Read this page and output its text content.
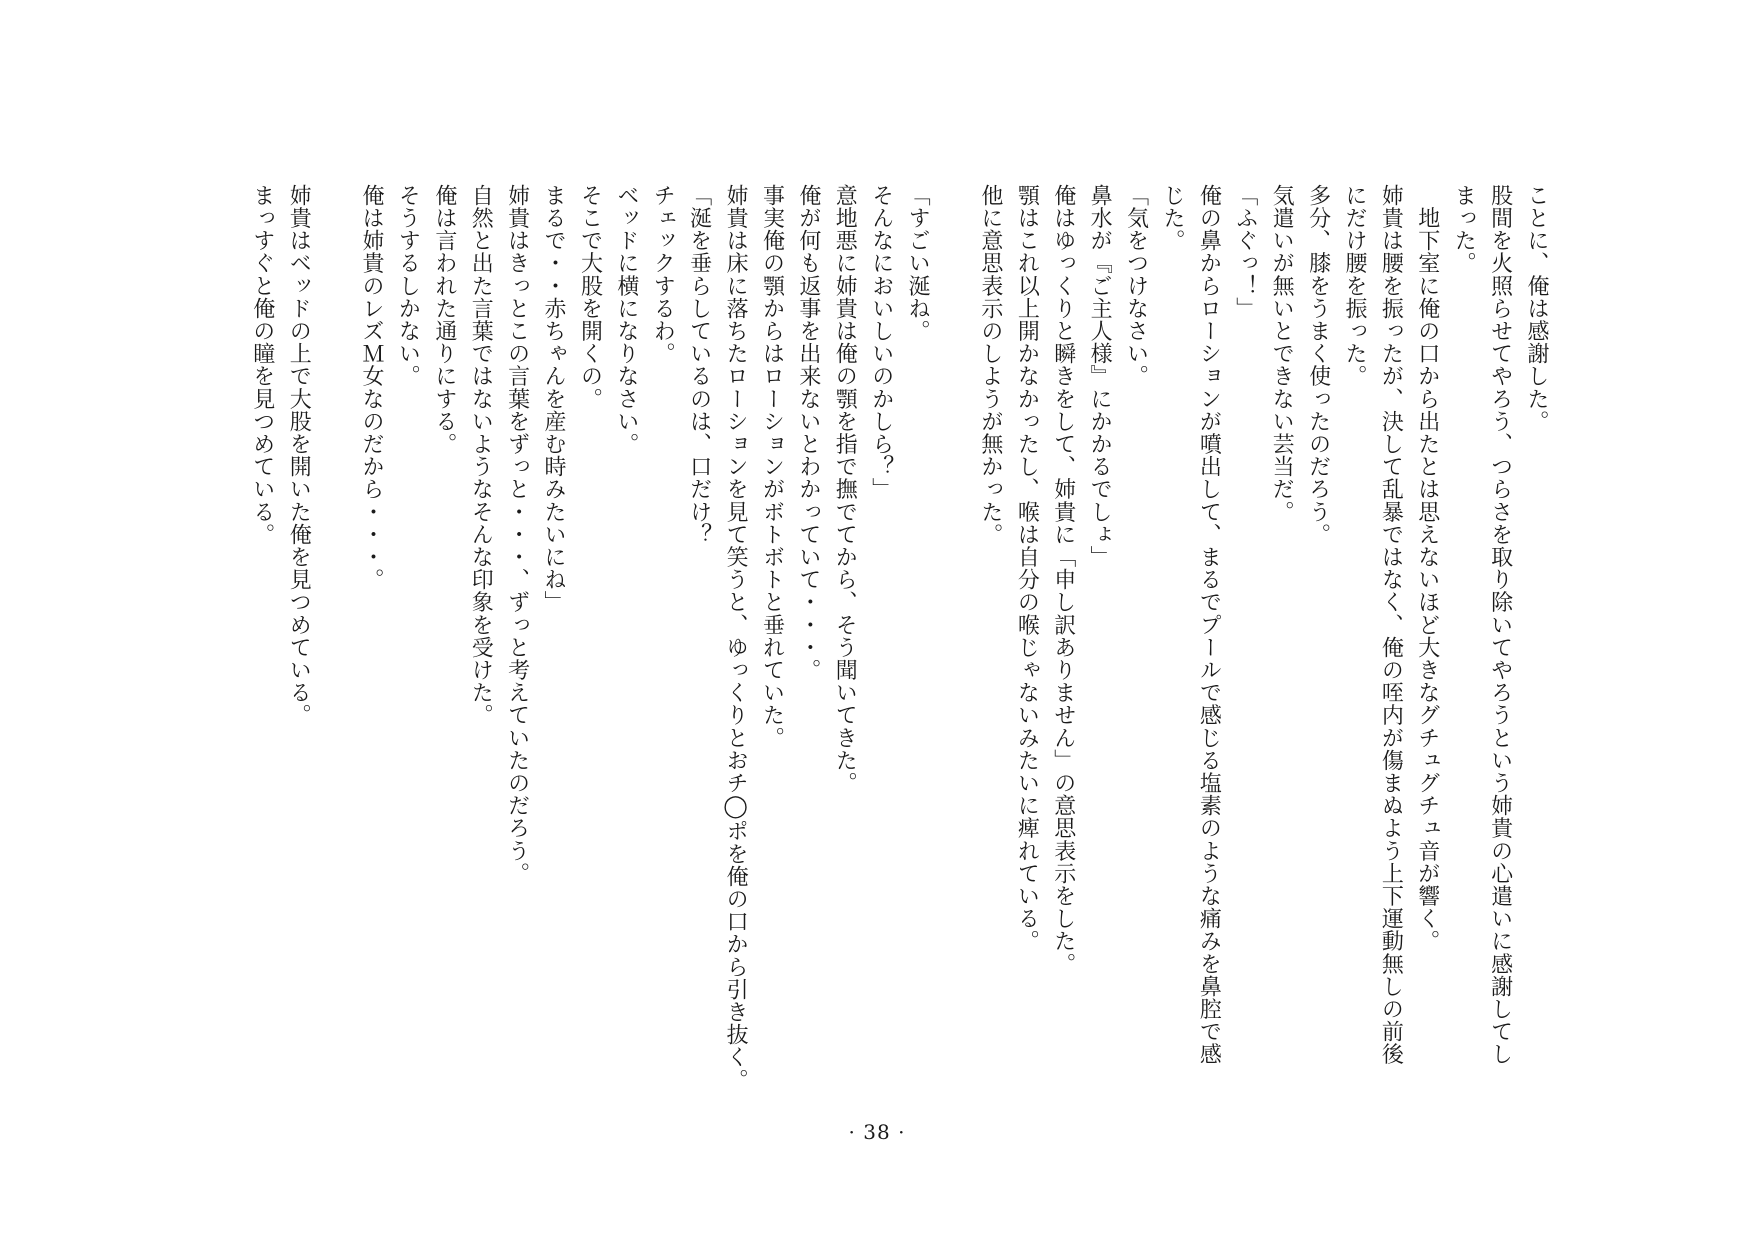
ことに、俺は感謝した。
股間を火照らせてやろう、つらさを取り除いてやろうという姉貴の心遣いに感謝してし
まった。
　地下室に俺の口から出たとは思えないほど大きなグチュグチュ音が響く。
姉貴は腰を振ったが、決して乱暴ではなく、俺の咥内が傷まぬよう上下運動無しの前後
にだけ腰を振った。
多分、膝をうまく使ったのだろう。
気遣いが無いとできない芸当だ。
「ふぐっ！」
俺の鼻からローションが噴出して、まるでプールで感じる塩素のような痛みを鼻腔で感
じた。
「気をつけなさい。
鼻水が『ご主人様』にかかるでしょ」
俺はゆっくりと瞬きをして、姉貴に「申し訳ありません」の意思表示をした。
顎はこれ以上開かなかったし、喉は自分の喉じゃないみたいに痺れている。
他に意思表示のしようが無かった。
「すごい涎ね。
そんなにおいしいのかしら？」
意地悪に姉貴は俺の顎を指で撫でてから、そう聞いてきた。
俺が何も返事を出来ないとわかっていて・・・。
事実俺の顎からはローションがボトボトと垂れていた。
姉貴は床に落ちたローションを見て笑うと、ゆっくりとおチ◯ポを俺の口から引き抜く。
「涎を垂らしているのは、口だけ？
チェックするわ。
ベッドに横になりなさい。
そこで大股を開くの。
まるで・・赤ちゃんを産む時みたいにね」
姉貴はきっとこの言葉をずっと・・・、ずっと考えていたのだろう。
自然と出た言葉ではないようなそんな印象を受けた。
俺は言われた通りにする。
そうするしかない。
俺は姉貴のレズＭ女なのだから・・・。
姉貴はベッドの上で大股を開いた俺を見つめている。
まっすぐと俺の瞳を見つめている。
· 38 ·
